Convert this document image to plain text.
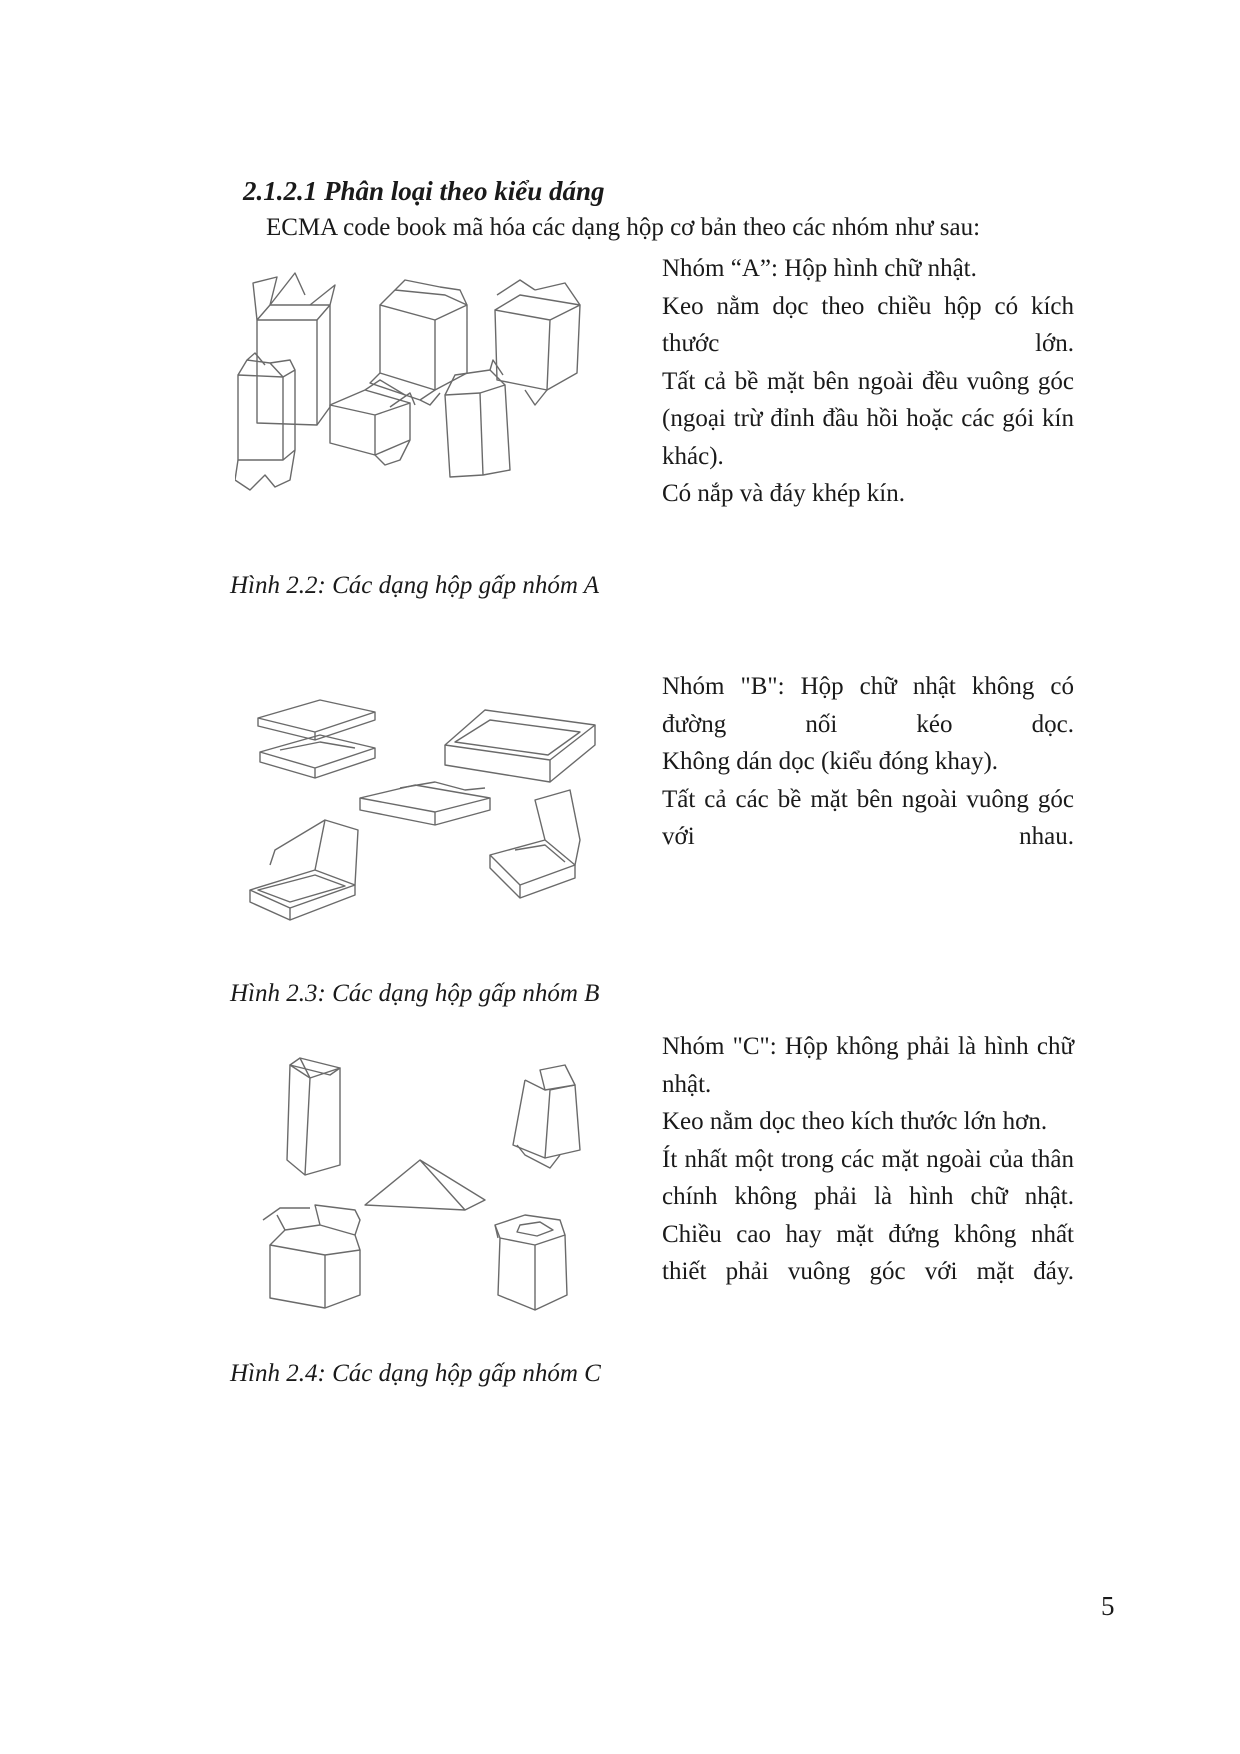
2.1.2.1 Phân loại theo kiểu dáng
ECMA code book mã hóa các dạng hộp cơ bản theo các nhóm như sau:

Nhóm “A”: Hộp hình chữ nhật.

Keo nằm dọc theo chiều hộp có kích thước lớn.

Tất cả bề mặt bên ngoài đều vuông góc (ngoại trừ đỉnh đầu hồi hoặc các gói kín khác).

Có nắp và đáy khép kín.

Hình 2.2: Các dạng hộp gấp nhóm A

Nhóm "B": Hộp chữ nhật không có đường nối kéo dọc.

Không dán dọc (kiểu đóng khay).

Tất cả các bề mặt bên ngoài vuông góc với nhau.

Hình 2.3: Các dạng hộp gấp nhóm B

Nhóm "C": Hộp không phải là hình chữ nhật.

Keo nằm dọc theo kích thước lớn hơn.

Ít nhất một trong các mặt ngoài của thân chính không phải là hình chữ nhật. Chiều cao hay mặt đứng không nhất thiết phải vuông góc với mặt đáy.

Hình 2.4: Các dạng hộp gấp nhóm C
5
